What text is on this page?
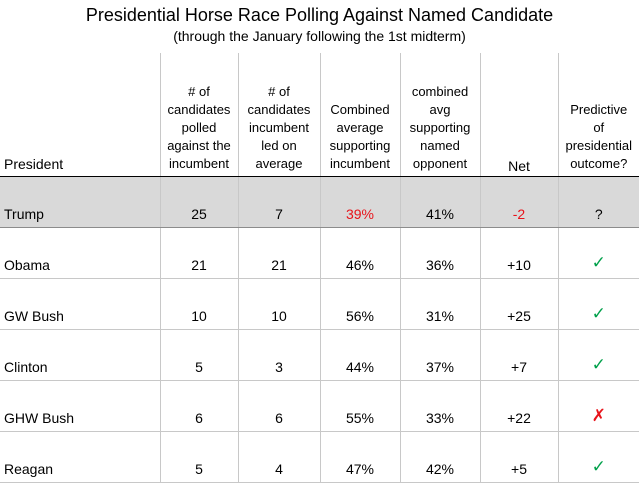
Presidential Horse Race Polling Against Named Candidate
(through the January following the 1st midterm)
President	# of
candidates
polled
against the
incumbent	# of
candidates
incumbent
led on
average	Combined
average
supporting
incumbent	combined
avg
supporting
named
opponent	Net	Predictive
of
presidential
outcome?

Trump	25	7	39%	41%	-2	?
Obama	21	21	46%	36%	+10	✓
GW Bush	10	10	56%	31%	+25	✓
Clinton	5	3	44%	37%	+7	✓
GHW Bush	6	6	55%	33%	+22	✗
Reagan	5	4	47%	42%	+5	✓
